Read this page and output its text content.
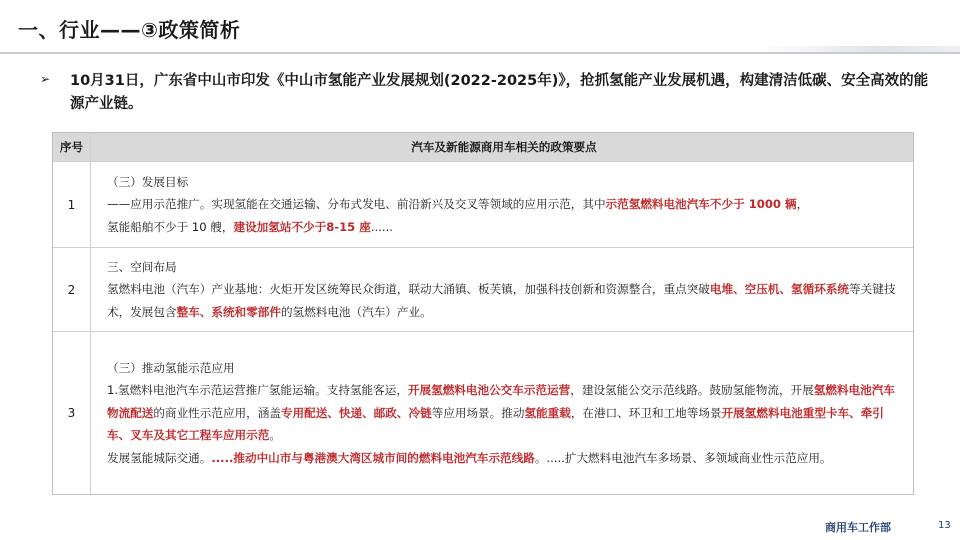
一、行业——③政策简析
➢ 10月31日，广东省中山市印发《中山市氢能产业发展规划(2022-2025年)》，抢抓氢能产业发展机遇，构建清洁低碳、安全高效的能源产业链。
序号	汽车及新能源商用车相关的政策要点
1
（三）发展目标
——应用示范推广。实现氢能在交通运输、分布式发电、前沿新兴及交叉等领域的应用示范，其中示范氢燃料电池汽车不少于 1000 辆，
氢能船舶不少于 10 艘，建设加氢站不少于8-15 座......
2
三、空间布局
氢燃料电池（汽车）产业基地：火炬开发区统筹民众街道，联动大涌镇、板芙镇，加强科技创新和资源整合，重点突破电堆、空压机、氢循环系统等关键技术，发展包含整车、系统和零部件的氢燃料电池（汽车）产业。
3
（三）推动氢能示范应用
1.氢燃料电池汽车示范运营推广氢能运输。支持氢能客运，开展氢燃料电池公交车示范运营，建设氢能公交示范线路。鼓励氢能物流，开展氢燃料电池汽车物流配送的商业性示范应用，涵盖专用配送、快递、邮政、冷链等应用场景。推动氢能重载，在港口、环卫和工地等场景开展氢燃料电池重型卡车、牵引车、叉车及其它工程车应用示范。
发展氢能城际交通。.....推动中山市与粤港澳大湾区城市间的燃料电池汽车示范线路。.....扩大燃料电池汽车多场景、多领域商业性示范应用。
商用车工作部	13
